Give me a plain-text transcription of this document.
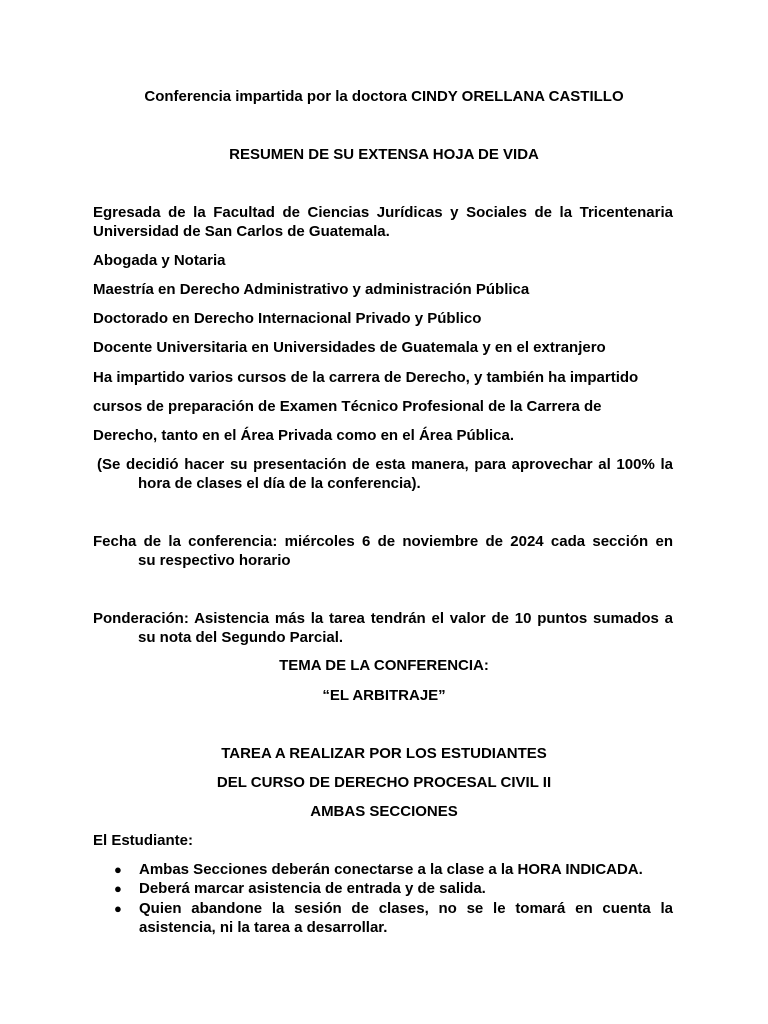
Conferencia impartida por la doctora CINDY ORELLANA CASTILLO
RESUMEN DE SU EXTENSA HOJA DE VIDA
Egresada de la Facultad de Ciencias Jurídicas y Sociales de la Tricentenaria
Universidad de San Carlos de Guatemala.
Abogada y Notaria
Maestría en Derecho Administrativo y administración Pública
Doctorado en Derecho Internacional Privado y Público
Docente Universitaria en Universidades de Guatemala y en el extranjero
Ha impartido varios cursos de la carrera de Derecho, y también ha impartido
cursos de preparación de Examen Técnico Profesional de la Carrera de
Derecho, tanto en el Área Privada como en el Área Pública.
(Se decidió hacer su presentación de esta manera, para aprovechar al 100% la
hora de clases el día de la conferencia).
Fecha de la conferencia: miércoles 6 de noviembre de 2024 cada sección en
su respectivo horario
Ponderación: Asistencia más la tarea tendrán el valor de 10 puntos sumados a
su nota del Segundo Parcial.
TEMA DE LA CONFERENCIA:
“EL ARBITRAJE”
TAREA A REALIZAR POR LOS ESTUDIANTES
DEL CURSO DE DERECHO PROCESAL CIVIL II
AMBAS SECCIONES
El Estudiante:
● Ambas Secciones deberán conectarse a la clase a la HORA INDICADA.
● Deberá marcar asistencia de entrada y de salida.
● Quien abandone la sesión de clases, no se le tomará en cuenta la
asistencia, ni la tarea a desarrollar.
